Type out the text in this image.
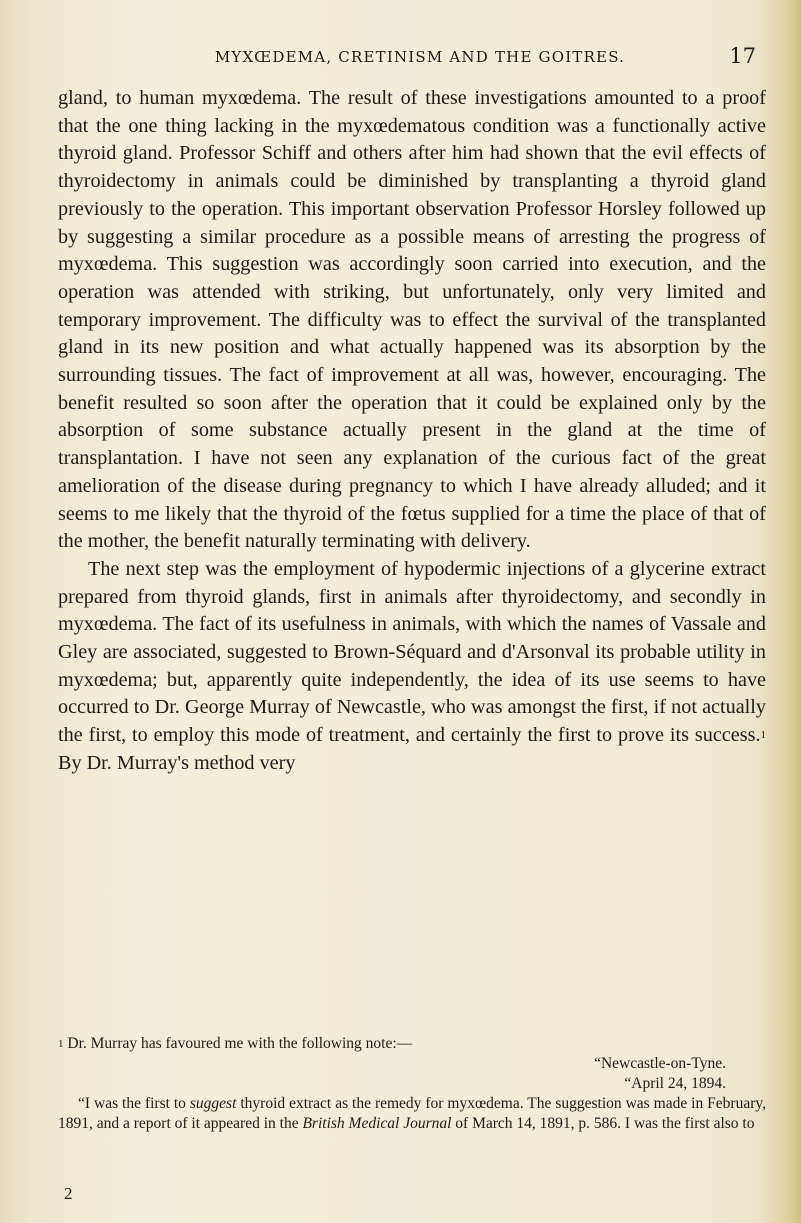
MYXŒDEMA, CRETINISM AND THE GOITRES.	17

gland, to human myxœdema. The result of these investigations amounted to a proof that the one thing lacking in the myxœdematous condition was a functionally active thyroid gland. Professor Schiff and others after him had shown that the evil effects of thyroidectomy in animals could be diminished by transplanting a thyroid gland previously to the operation. This important observation Professor Horsley followed up by suggesting a similar procedure as a possible means of arresting the progress of myxœdema. This suggestion was accordingly soon carried into execution, and the operation was attended with striking, but unfortunately, only very limited and temporary improvement. The difficulty was to effect the survival of the transplanted gland in its new position and what actually happened was its absorption by the surrounding tissues. The fact of improvement at all was, however, encouraging. The benefit resulted so soon after the operation that it could be explained only by the absorption of some substance actually present in the gland at the time of transplantation. I have not seen any explanation of the curious fact of the great amelioration of the disease during pregnancy to which I have already alluded; and it seems to me likely that the thyroid of the fœtus supplied for a time the place of that of the mother, the benefit naturally terminating with delivery.

The next step was the employment of hypodermic injections of a glycerine extract prepared from thyroid glands, first in animals after thyroidectomy, and secondly in myxœdema. The fact of its usefulness in animals, with which the names of Vassale and Gley are associated, suggested to Brown-Séquard and d'Arsonval its probable utility in myxœdema; but, apparently quite independently, the idea of its use seems to have occurred to Dr. George Murray of Newcastle, who was amongst the first, if not actually the first, to employ this mode of treatment, and certainly the first to prove its success.$^1$ By Dr. Murray's method very

$^1$ Dr. Murray has favoured me with the following note:—
“Newcastle-on-Tyne.
“April 24, 1894.
“I was the first to suggest thyroid extract as the remedy for myxœdema. The suggestion was made in February, 1891, and a report of it appeared in the British Medical Journal of March 14, 1891, p. 586. I was the first also to
2
